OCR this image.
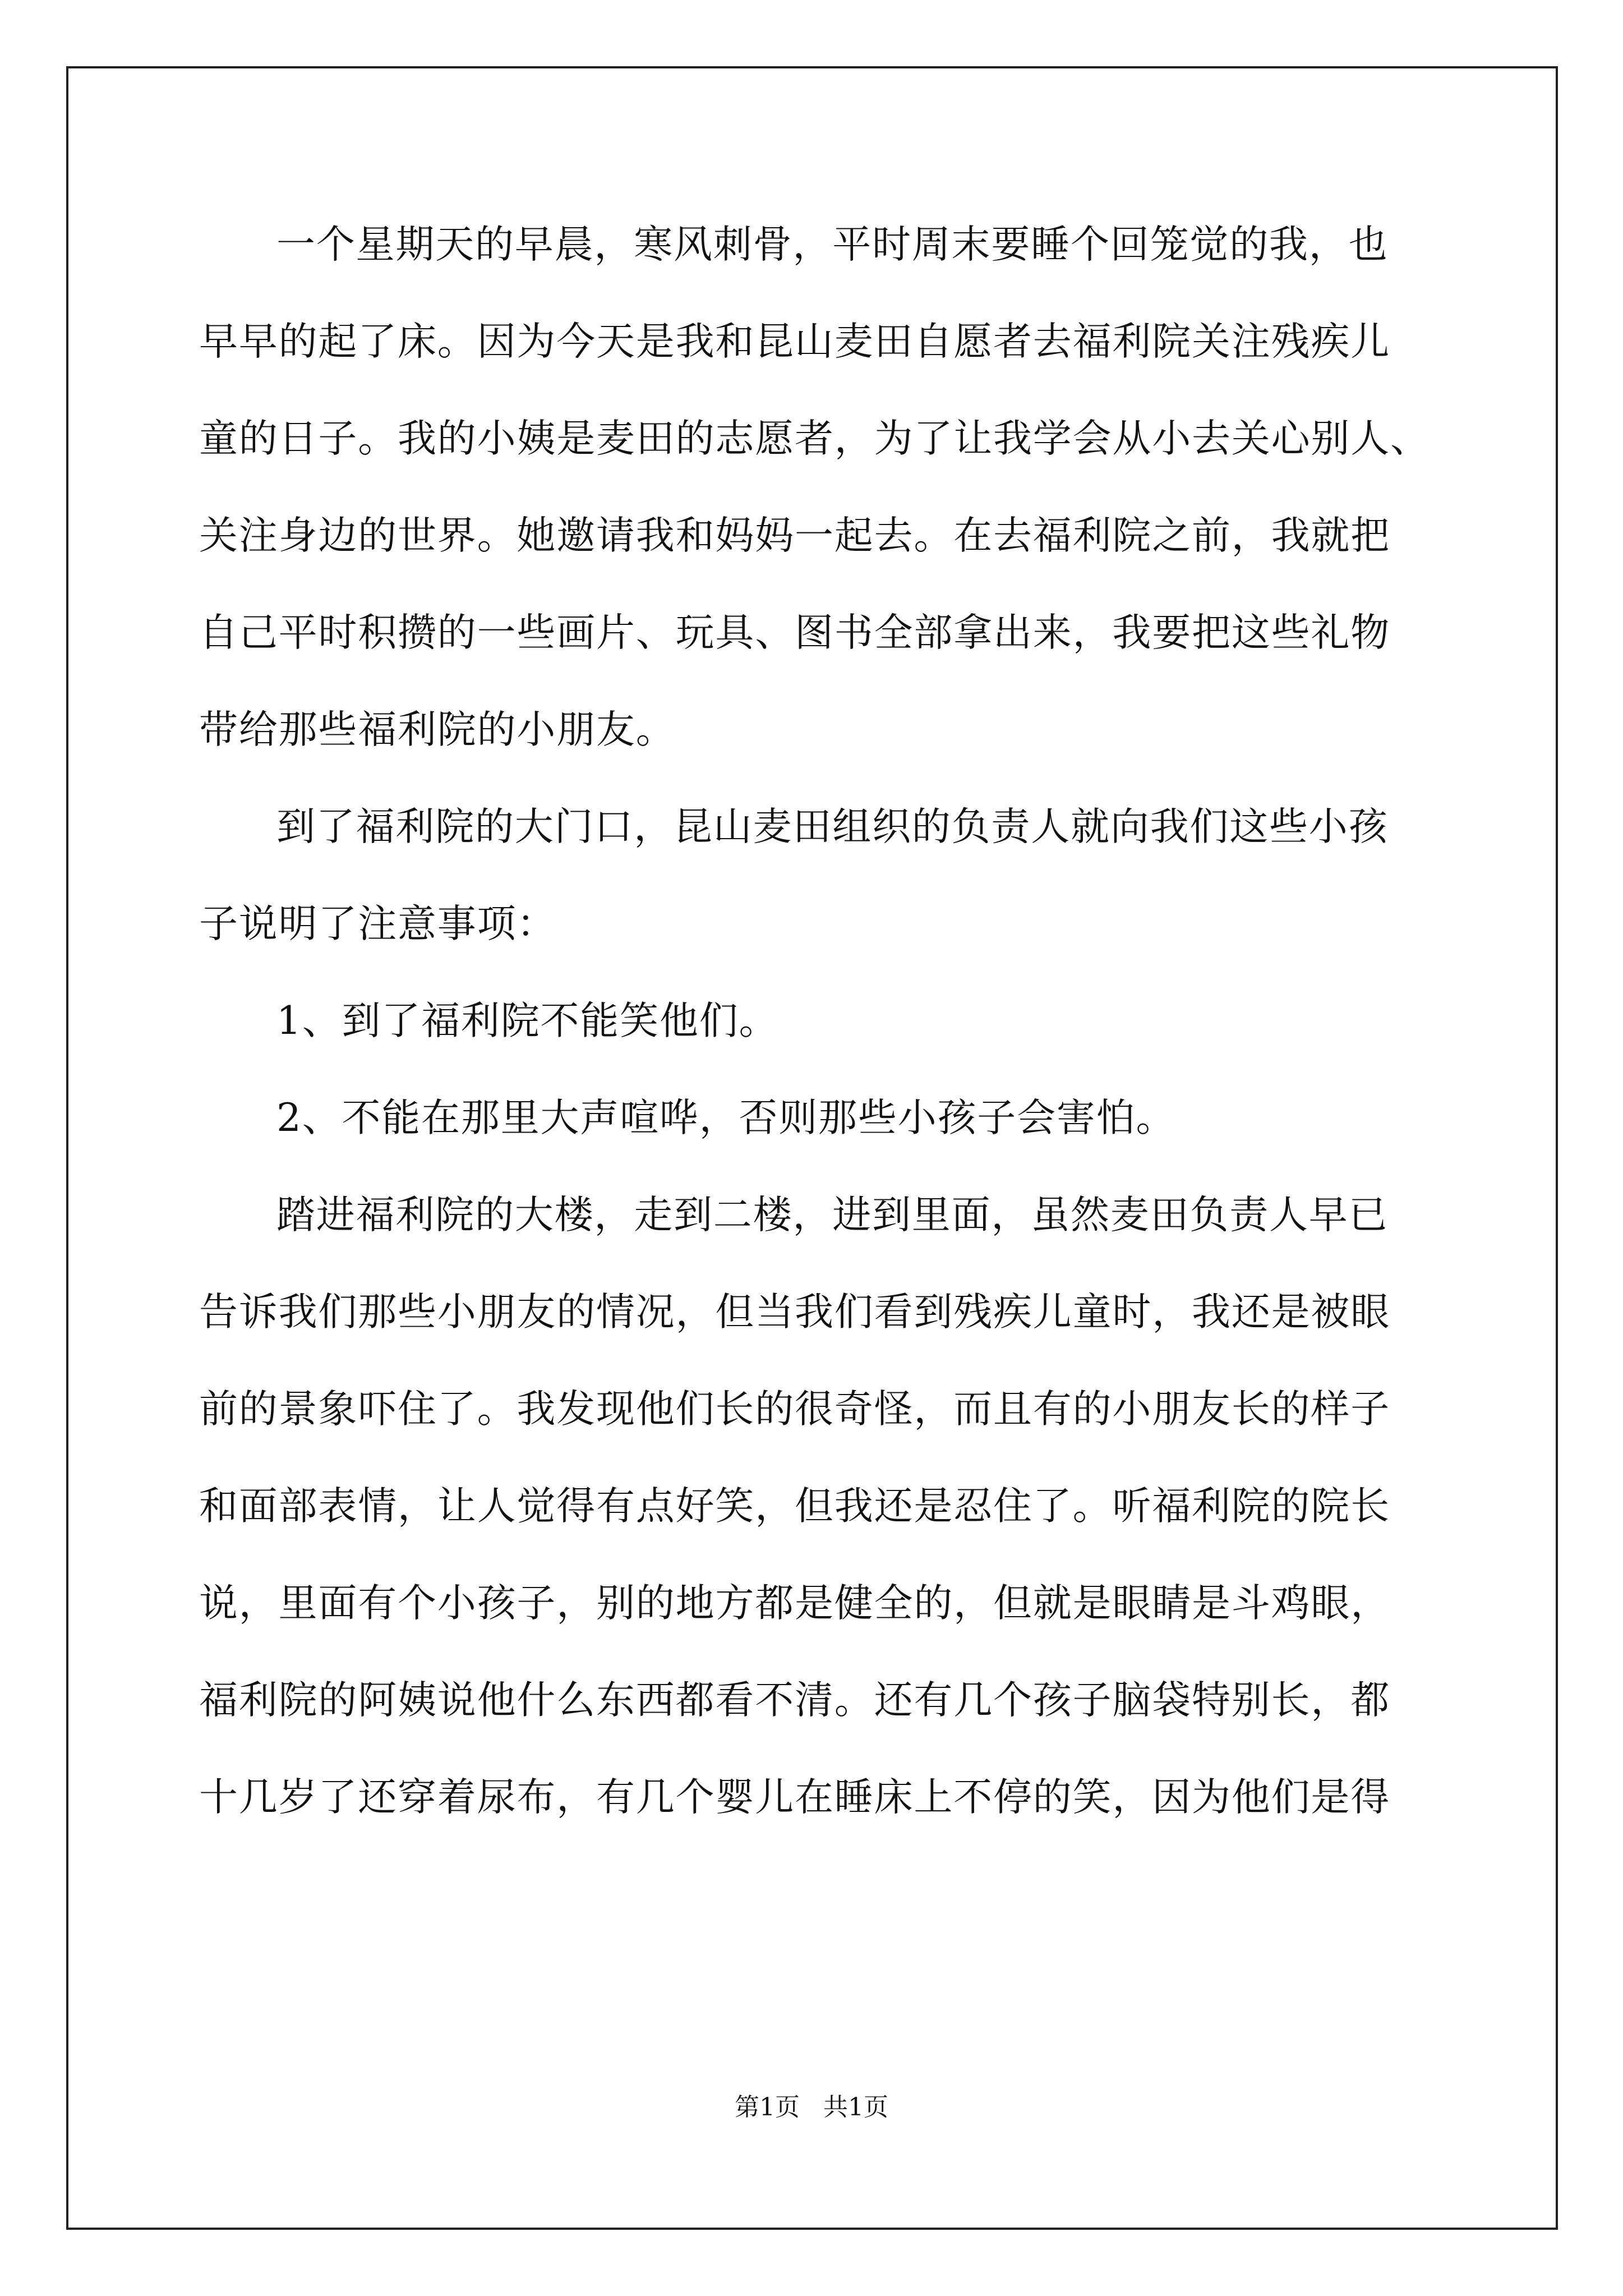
一个星期天的早晨，寒风刺骨，平时周末要睡个回笼觉的我，也
早早的起了床。因为今天是我和昆山麦田自愿者去福利院关注残疾儿
童的日子。我的小姨是麦田的志愿者，为了让我学会从小去关心别人、
关注身边的世界。她邀请我和妈妈一起去。在去福利院之前，我就把
自己平时积攒的一些画片、玩具、图书全部拿出来，我要把这些礼物
带给那些福利院的小朋友。
到了福利院的大门口，昆山麦田组织的负责人就向我们这些小孩
子说明了注意事项：
1、到了福利院不能笑他们。
2、不能在那里大声喧哗，否则那些小孩子会害怕。
踏进福利院的大楼，走到二楼，进到里面，虽然麦田负责人早已
告诉我们那些小朋友的情况，但当我们看到残疾儿童时，我还是被眼
前的景象吓住了。我发现他们长的很奇怪，而且有的小朋友长的样子
和面部表情，让人觉得有点好笑，但我还是忍住了。听福利院的院长
说，里面有个小孩子，别的地方都是健全的，但就是眼睛是斗鸡眼，
福利院的阿姨说他什么东西都看不清。还有几个孩子脑袋特别长，都
十几岁了还穿着尿布，有几个婴儿在睡床上不停的笑，因为他们是得
第1页   共1页
